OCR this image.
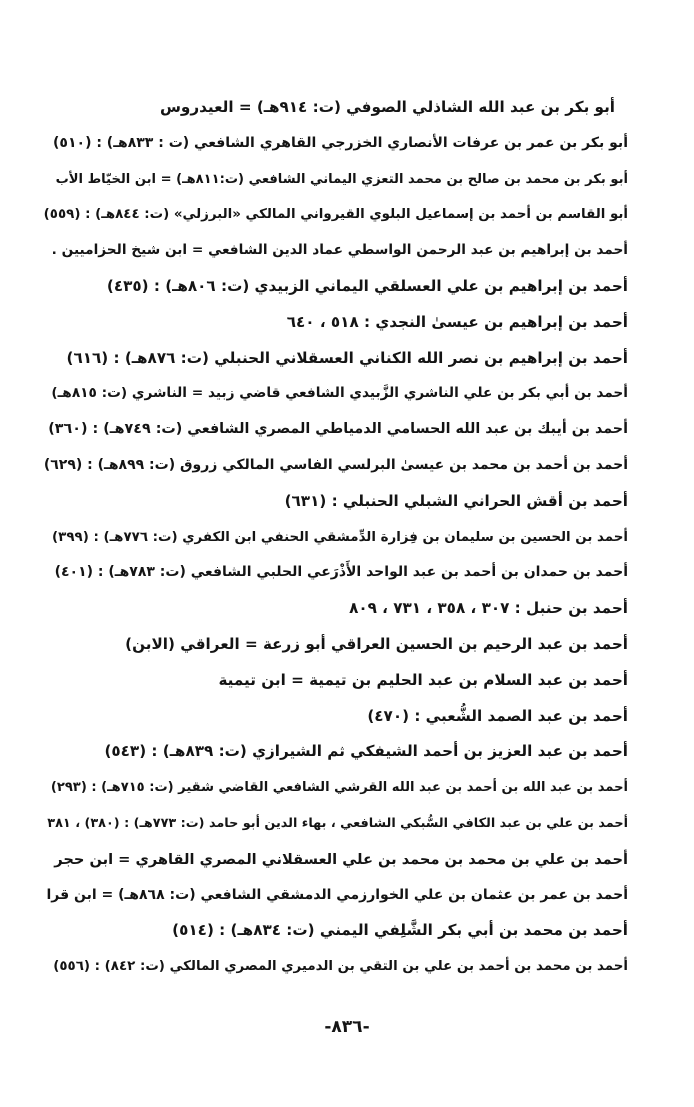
أبو بكر بن عبد الله الشاذلي الصوفي (ت: ٩١٤هـ) = العيدروس
أبو بكر بن عمر بن عرفات الأنصاري الخزرجي القاهري الشافعي (ت : ٨٣٣هـ) : (٥١٠)
أبو بكر بن محمد بن صالح بن محمد التعزي اليماني الشافعي (ت:٨١١هـ) = ابن الخيّاط الأب
أبو القاسم بن أحمد بن إسماعيل البلوي القيرواني المالكي «البرزلي» (ت: ٨٤٤هـ) : (٥٥٩)
أحمد بن إبراهيم بن عبد الرحمن الواسطي عماد الدين الشافعي = ابن شيخ الحزاميين .
أحمد بن إبراهيم بن علي العسلقي اليماني الزبيدي (ت: ٨٠٦هـ) : (٤٣٥)
أحمد بن إبراهيم بن عيسىٰ النجدي : ٥١٨ ، ٦٤٠
أحمد بن إبراهيم بن نصر الله الكناني العسقلاني الحنبلي (ت: ٨٧٦هـ) : (٦١٦)
أحمد بن أبي بكر بن علي الناشري الزَّبيدي الشافعي قاضي زبيد = الناشري (ت: ٨١٥هـ)
أحمد بن أيبك بن عبد الله الحسامي الدمياطي المصري الشافعي (ت: ٧٤٩هـ) : (٣٦٠)
أحمد بن أحمد بن محمد بن عيسىٰ البرلسي الفاسي المالكي زروق (ت: ٨٩٩هـ) : (٦٢٩)
أحمد بن أقش الحراني الشبلي الحنبلي : (٦٣١)
أحمد بن الحسين بن سليمان بن فِزارة الدِّمشقي الحنفي ابن الكفري (ت: ٧٧٦هـ) : (٣٩٩)
أحمد بن حمدان بن أحمد بن عبد الواحد الأَذْرَعي الحلبي الشافعي (ت: ٧٨٣هـ) : (٤٠١)
أحمد بن حنبل : ٣٠٧ ، ٣٥٨ ، ٧٣١ ، ٨٠٩
أحمد بن عبد الرحيم بن الحسين العراقي أبو زرعة = العراقي (الابن)
أحمد بن عبد السلام بن عبد الحليم بن تيمية = ابن تيمية
أحمد بن عبد الصمد الشُّعبي : (٤٧٠)
أحمد بن عبد العزيز بن أحمد الشيفكي ثم الشيرازي (ت: ٨٣٩هـ) : (٥٤٣)
أحمد بن عبد الله بن أحمد بن عبد الله القرشي الشافعي القاضي شقير (ت: ٧١٥هـ) : (٢٩٣)
أحمد بن علي بن عبد الكافي السُّبكي الشافعي ، بهاء الدين أبو حامد (ت: ٧٧٣هـ) : (٣٨٠) ، ٣٨١
أحمد بن علي بن محمد بن محمد بن علي العسقلاني المصري القاهري = ابن حجر
أحمد بن عمر بن عثمان بن علي الخوارزمي الدمشقي الشافعي (ت: ٨٦٨هـ) = ابن قرا
أحمد بن محمد بن أبي بكر الشَّلِفي اليمني (ت: ٨٣٤هـ) : (٥١٤)
أحمد بن محمد بن أحمد بن علي بن التقي بن الدميري المصري المالكي (ت: ٨٤٢) : (٥٥٦)
-٨٣٦-
